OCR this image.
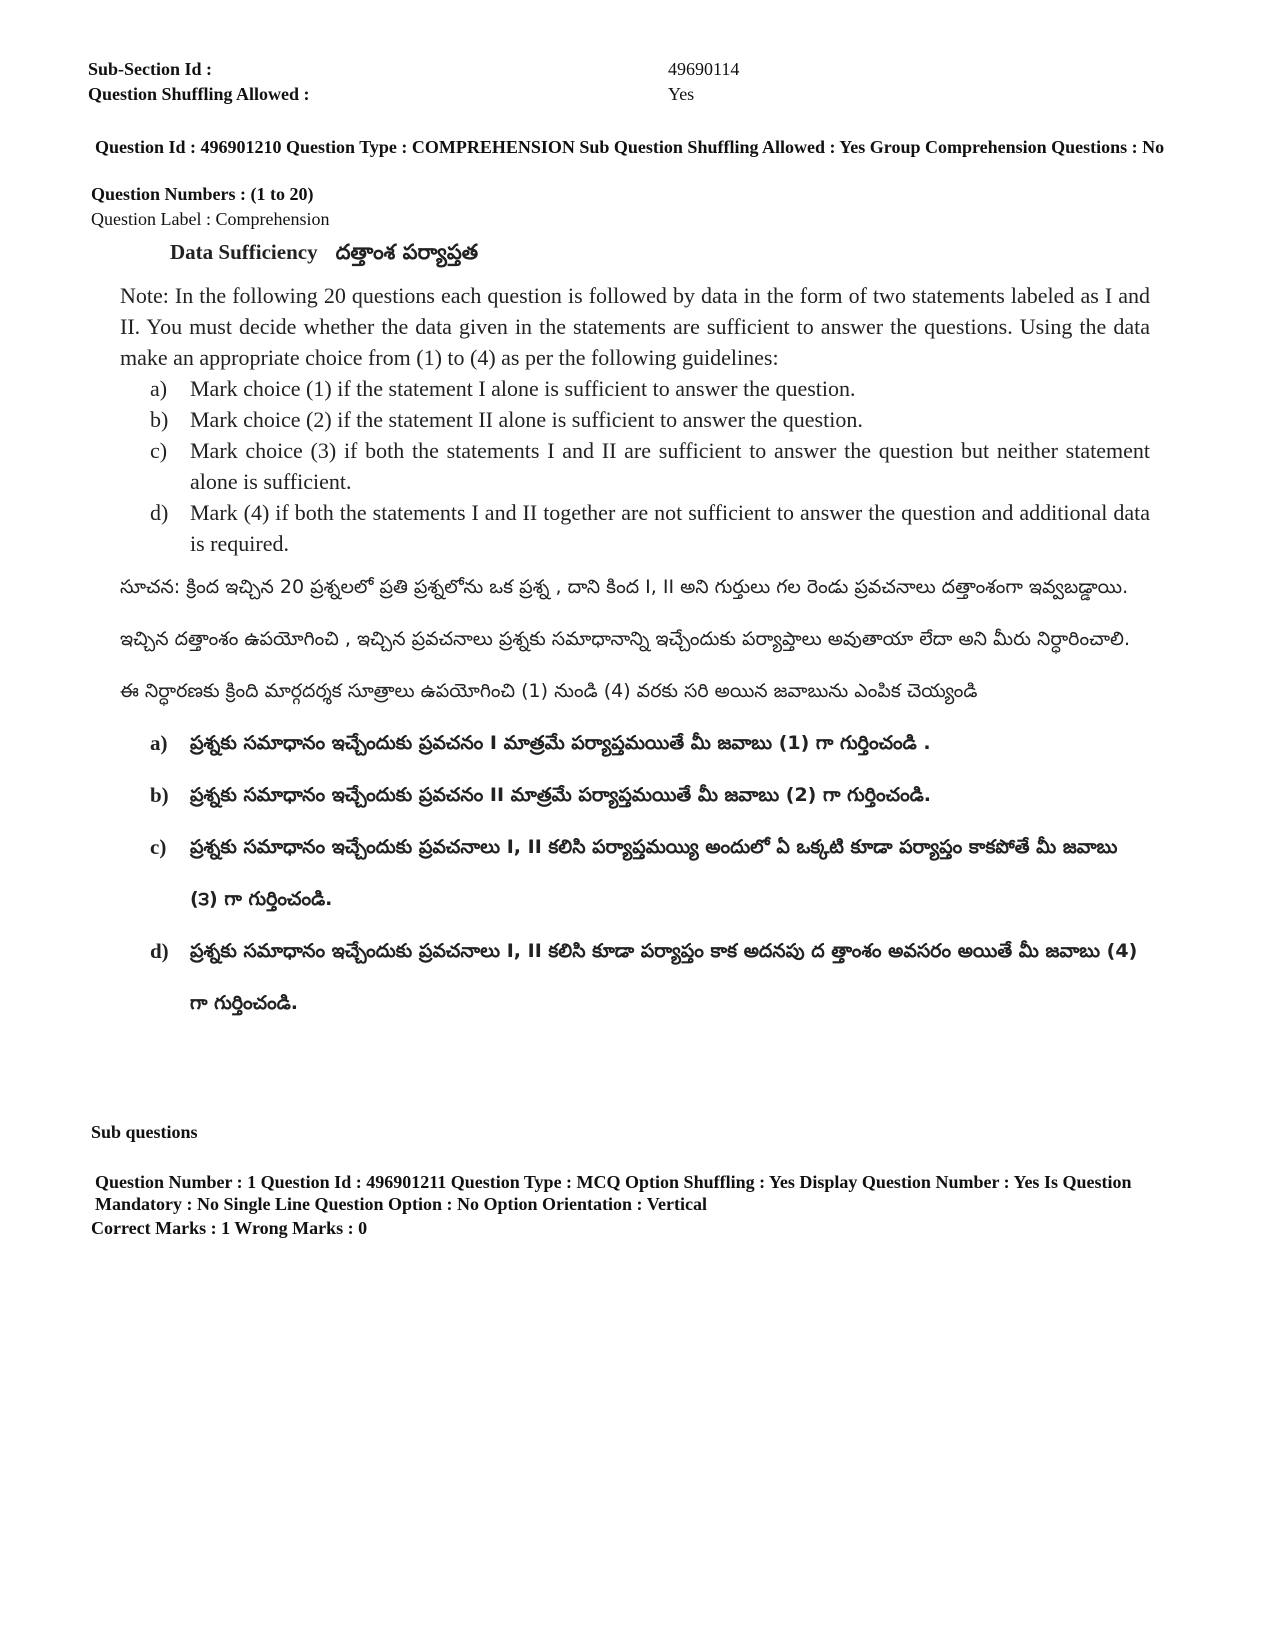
Sub-Section Id :	49690114
Question Shuffling Allowed :	Yes
Question Id : 496901210 Question Type : COMPREHENSION Sub Question Shuffling Allowed : Yes Group Comprehension Questions : No
Question Numbers : (1 to 20)
Question Label : Comprehension
Data Sufficiency దత్తాంశ పర్యాప్తత
Note: In the following 20 questions each question is followed by data in the form of two statements labeled as I and II. You must decide whether the data given in the statements are sufficient to answer the questions. Using the data make an appropriate choice from (1) to (4) as per the following guidelines:
a)	Mark choice (1) if the statement I alone is sufficient to answer the question.
b) Mark choice (2) if the statement II alone is sufficient to answer the question.
c)	Mark choice (3) if both the statements I and II are sufficient to answer the question but neither statement alone is sufficient.
d) Mark (4) if both the statements I and II together are not sufficient to answer the question and additional data is required.
సూచన: క్రింద ఇచ్చిన 20 ప్రశ్నలలో ప్రతి ప్రశ్నలోను ఒక ప్రశ్న , దాని కింద I, II అని గుర్తులు గల రెండు ప్రవచనాలు దత్తాంశంగా ఇవ్వబడ్డాయి. ఇచ్చిన దత్తాంశం ఉపయోగించి , ఇచ్చిన ప్రవచనాలు ప్రశ్నకు సమాధానాన్ని ఇచ్చేందుకు పర్యాప్తాలు అవుతాయా లేదా అని మీరు నిర్ధారించాలి. ఈ నిర్ధారణకు క్రింది మార్గదర్శక సూత్రాలు ఉపయోగించి (1) నుండి (4) వరకు సరి అయిన జవాబును ఎంపిక చెయ్యండి
a)	ప్రశ్నకు సమాధానం ఇచ్చేందుకు ప్రవచనం I మాత్రమే పర్యాప్తమయితే మీ జవాబు (1) గా గుర్తించండి .
b)	ప్రశ్నకు సమాధానం ఇచ్చేందుకు ప్రవచనం II మాత్రమే పర్యాప్తమయితే మీ జవాబు (2) గా గుర్తించండి.
c)	ప్రశ్నకు సమాధానం ఇచ్చేందుకు ప్రవచనాలు I, II కలిసి పర్యాప్తమయ్యి అందులో ఏ ఒక్కటి కూడా పర్యాప్తం కాకపోతే మీ జవాబు (౩) గా గుర్తించండి.
d)	ప్రశ్నకు సమాధానం ఇచ్చేందుకు ప్రవచనాలు I, II కలిసి కూడా పర్యాప్తం కాక అదనపు ద త్తాంశం అవసరం అయితే మీ జవాబు (4) గా గుర్తించండి.
Sub questions
Question Number : 1 Question Id : 496901211 Question Type : MCQ Option Shuffling : Yes Display Question Number : Yes Is Question Mandatory : No Single Line Question Option : No Option Orientation : Vertical
Correct Marks : 1 Wrong Marks : 0
